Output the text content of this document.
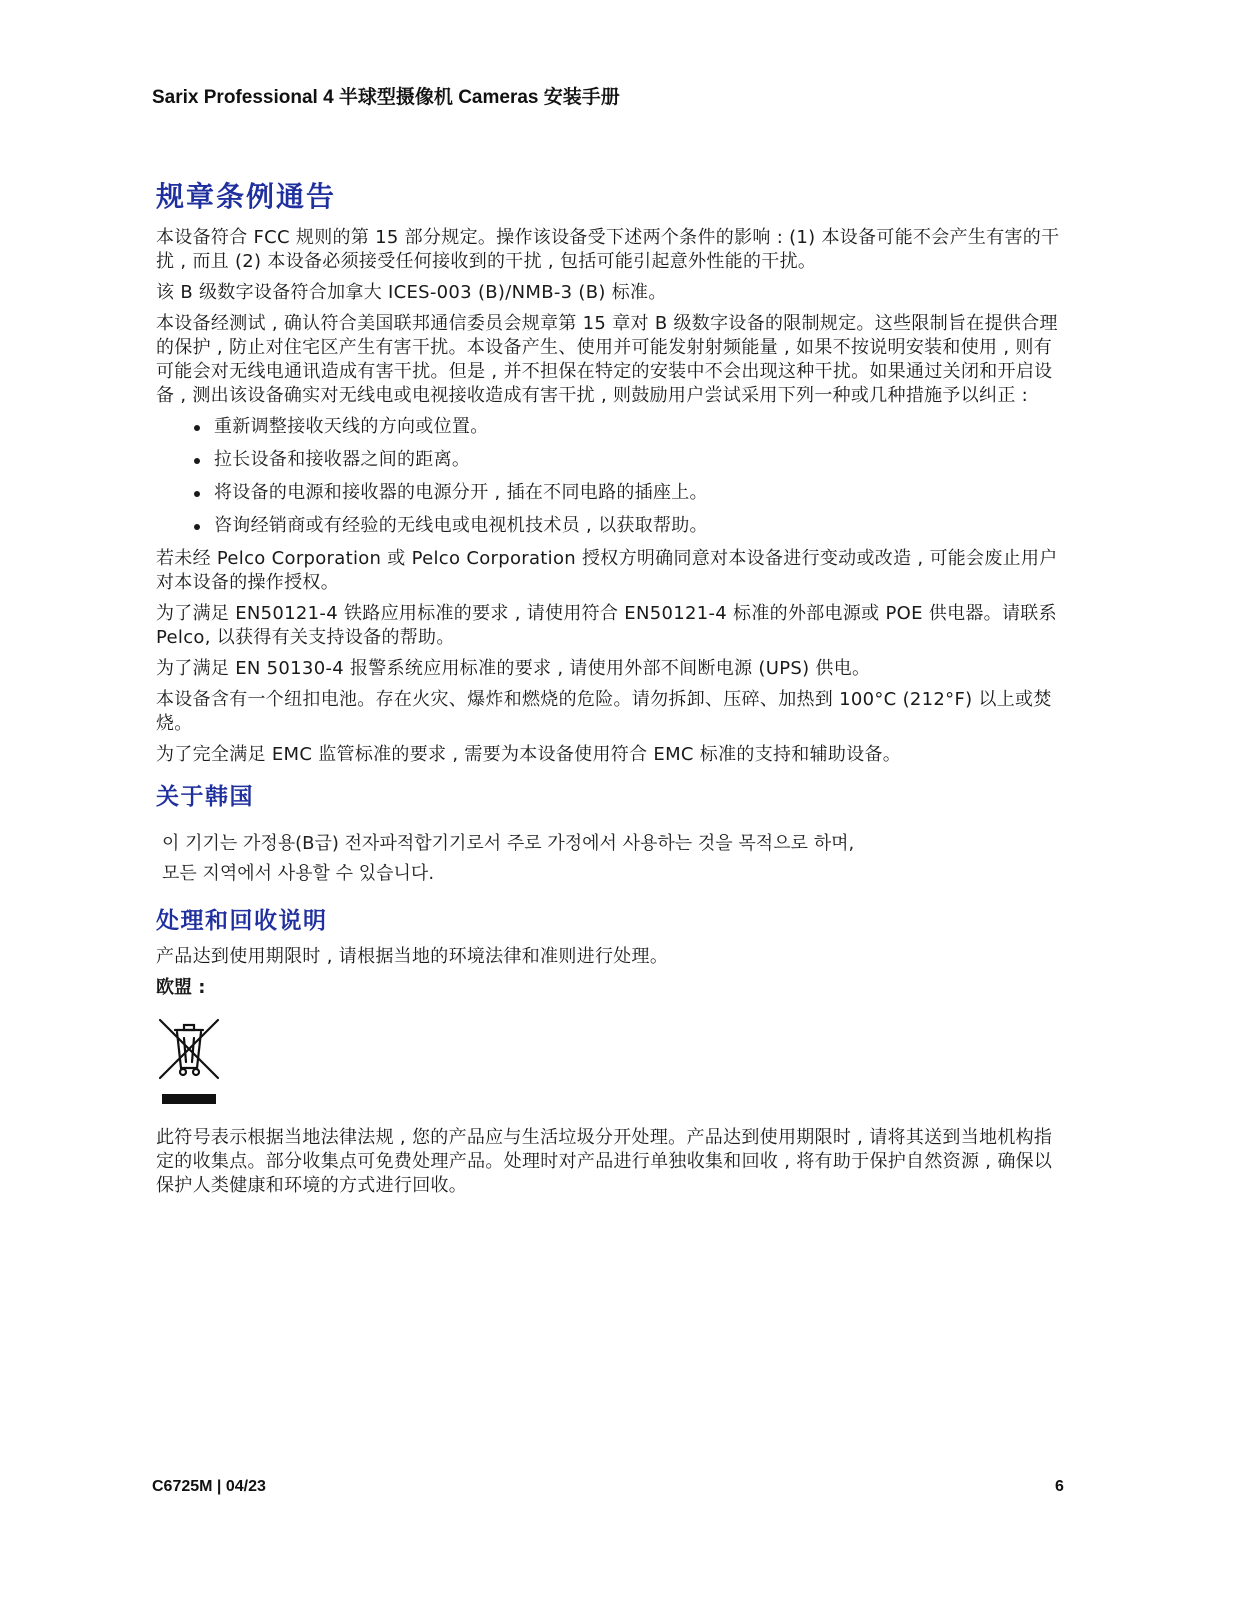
Sarix Professional 4 半球型摄像机 Cameras 安装手册
规章条例通告

本设备符合 FCC 规则的第 15 部分规定。操作该设备受下述两个条件的影响 : (1) 本设备可能不会产生有害的干扰 , 而且 (2) 本设备必须接受任何接收到的干扰 , 包括可能引起意外性能的干扰。

该 B 级数字设备符合加拿大 ICES-003 (B)/NMB-3 (B) 标准。

本设备经测试 , 确认符合美国联邦通信委员会规章第 15 章对 B 级数字设备的限制规定。这些限制旨在提供合理的保护 , 防止对住宅区产生有害干扰。本设备产生、使用并可能发射射频能量 , 如果不按说明安装和使用 , 则有可能会对无线电通讯造成有害干扰。但是 , 并不担保在特定的安装中不会出现这种干扰。如果通过关闭和开启设备 , 测出该设备确实对无线电或电视接收造成有害干扰 , 则鼓励用户尝试采用下列一种或几种措施予以纠正 :

重新调整接收天线的方向或位置。
拉长设备和接收器之间的距离。
将设备的电源和接收器的电源分开 , 插在不同电路的插座上。
咨询经销商或有经验的无线电或电视机技术员 , 以获取帮助。

若未经 Pelco Corporation 或 Pelco Corporation 授权方明确同意对本设备进行变动或改造 , 可能会废止用户对本设备的操作授权。

为了满足 EN50121-4 铁路应用标准的要求 , 请使用符合 EN50121-4 标准的外部电源或 POE 供电器。请联系 Pelco, 以获得有关支持设备的帮助。

为了满足 EN 50130-4 报警系统应用标准的要求 , 请使用外部不间断电源 (UPS) 供电。

本设备含有一个纽扣电池。存在火灾、爆炸和燃烧的危险。请勿拆卸、压碎、加热到 100°C (212°F) 以上或焚烧。

为了完全满足 EMC 监管标准的要求 , 需要为本设备使用符合 EMC 标准的支持和辅助设备。

关于韩国

이 기기는 가정용(B급) 전자파적합기기로서 주로 가정에서 사용하는 것을 목적으로 하며,

모든 지역에서 사용할 수 있습니다.

处理和回收说明

产品达到使用期限时 , 请根据当地的环境法律和准则进行处理。

欧盟 :

此符号表示根据当地法律法规 , 您的产品应与生活垃圾分开处理。产品达到使用期限时 , 请将其送到当地机构指定的收集点。部分收集点可免费处理产品。处理时对产品进行单独收集和回收 , 将有助于保护自然资源 , 确保以保护人类健康和环境的方式进行回收。

C6725M | 04/23	6
